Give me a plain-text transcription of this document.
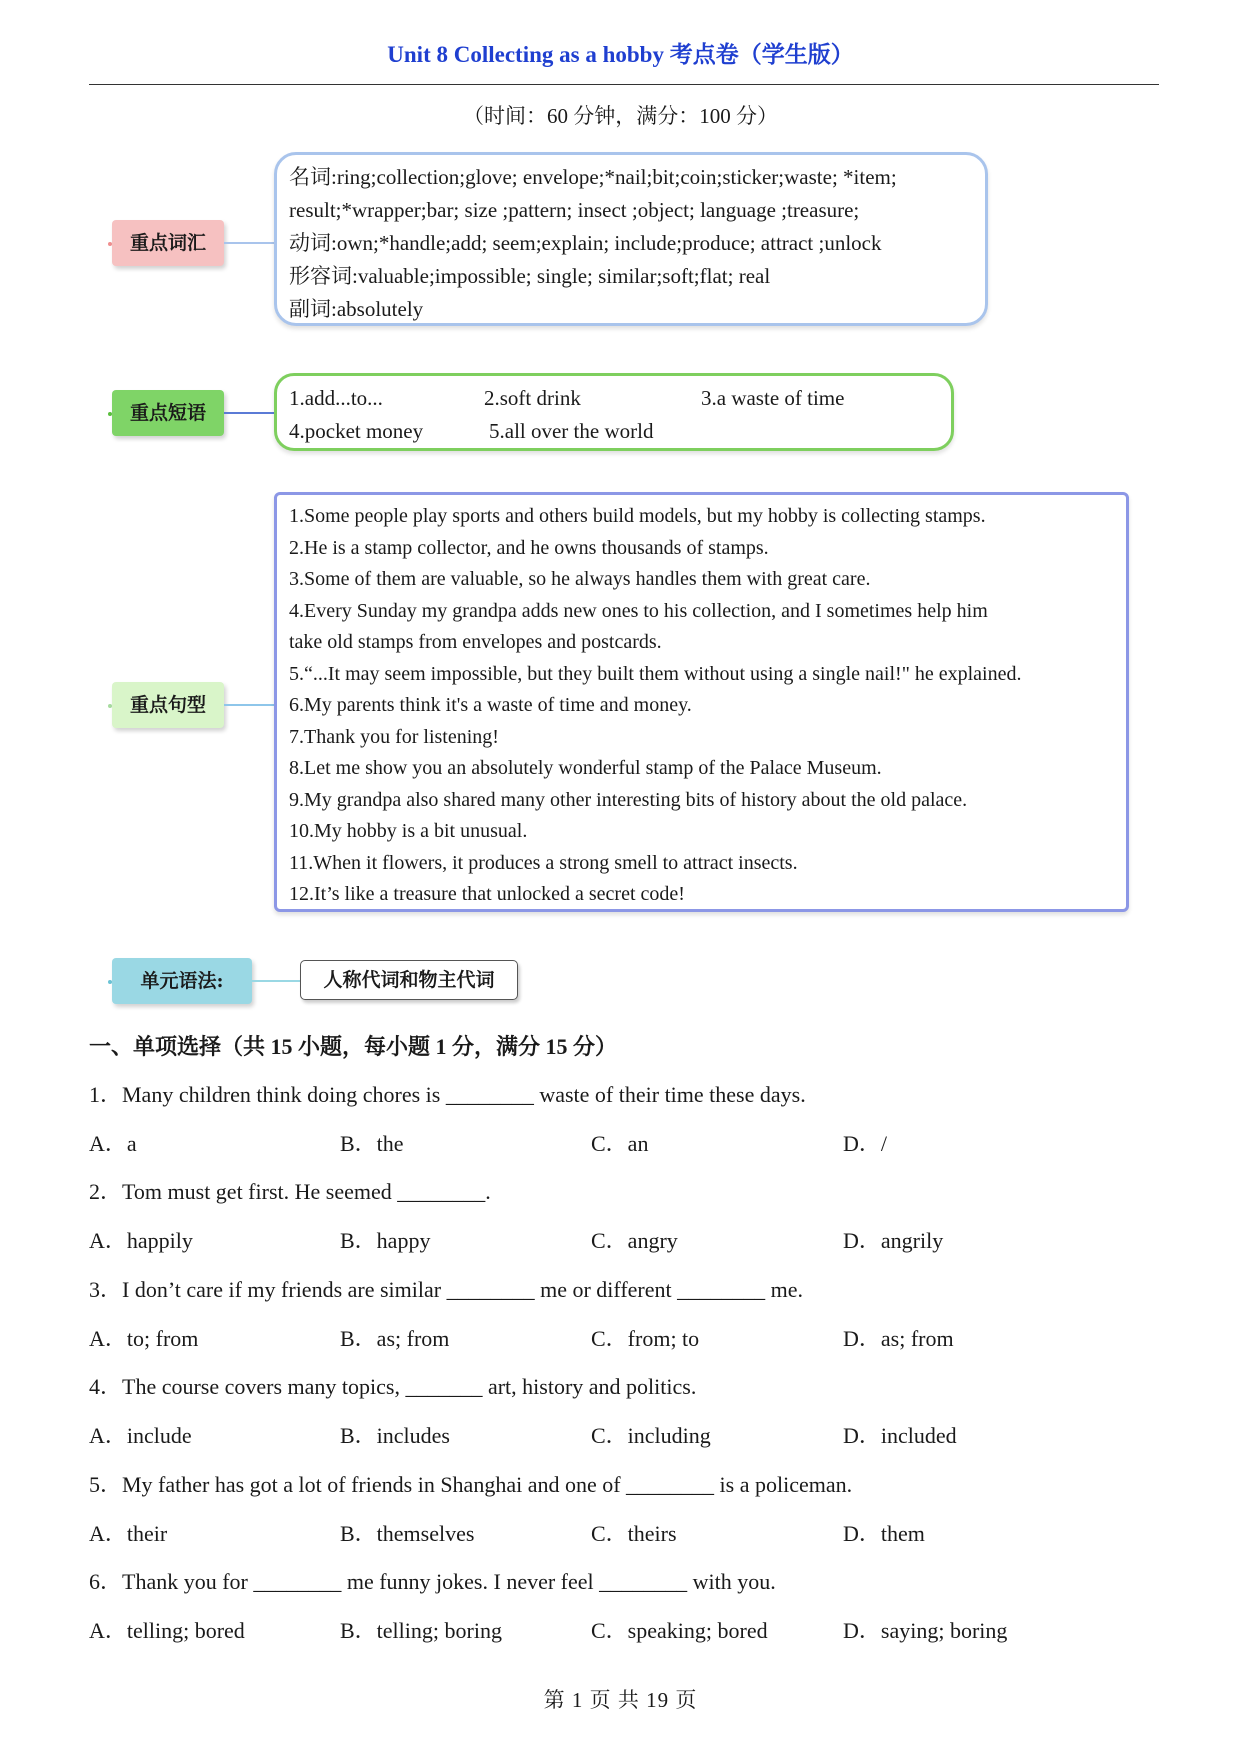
Unit 8 Collecting as a hobby 考点卷（学生版）
（时间：60 分钟，满分：100 分）
重点词汇
名词:ring;collection;glove; envelope;*nail;bit;coin;sticker;waste; *item;
result;*wrapper;bar; size ;pattern; insect ;object; language ;treasure;
动词:own;*handle;add; seem;explain; include;produce; attract ;unlock
形容词:valuable;impossible; single; similar;soft;flat; real
副词:absolutely
重点短语
1.add...to...	2.soft drink	3.a waste of time
4.pocket money	5.all over the world
重点句型
1.Some people play sports and others build models, but my hobby is collecting stamps.
2.He is a stamp collector, and he owns thousands of stamps.
3.Some of them are valuable, so he always handles them with great care.
4.Every Sunday my grandpa adds new ones to his collection, and I sometimes help him
take old stamps from envelopes and postcards.
5.“...It may seem impossible, but they built them without using a single nail!" he explained.
6.My parents think it's a waste of time and money.
7.Thank you for listening!
8.Let me show you an absolutely wonderful stamp of the Palace Museum.
9.My grandpa also shared many other interesting bits of history about the old palace.
10.My hobby is a bit unusual.
11.When it flowers, it produces a strong smell to attract insects.
12.It’s like a treasure that unlocked a secret code!
单元语法:	人称代词和物主代词
一、单项选择（共 15 小题，每小题 1 分，满分 15 分）
1．Many children think doing chores is ________ waste of their time these days.
A．a	B．the	C．an	D．/
2．Tom must get first. He seemed ________.
A．happily	B．happy	C．angry	D．angrily
3．I don’t care if my friends are similar ________ me or different ________ me.
A．to; from	B．as; from	C．from; to	D．as; from
4．The course covers many topics, _______ art, history and politics.
A．include	B．includes	C．including	D．included
5．My father has got a lot of friends in Shanghai and one of ________ is a policeman.
A．their	B．themselves	C．theirs	D．them
6．Thank you for ________ me funny jokes. I never feel ________ with you.
A．telling; bored	B．telling; boring	C．speaking; bored	D．saying; boring
第 1 页 共 19 页
